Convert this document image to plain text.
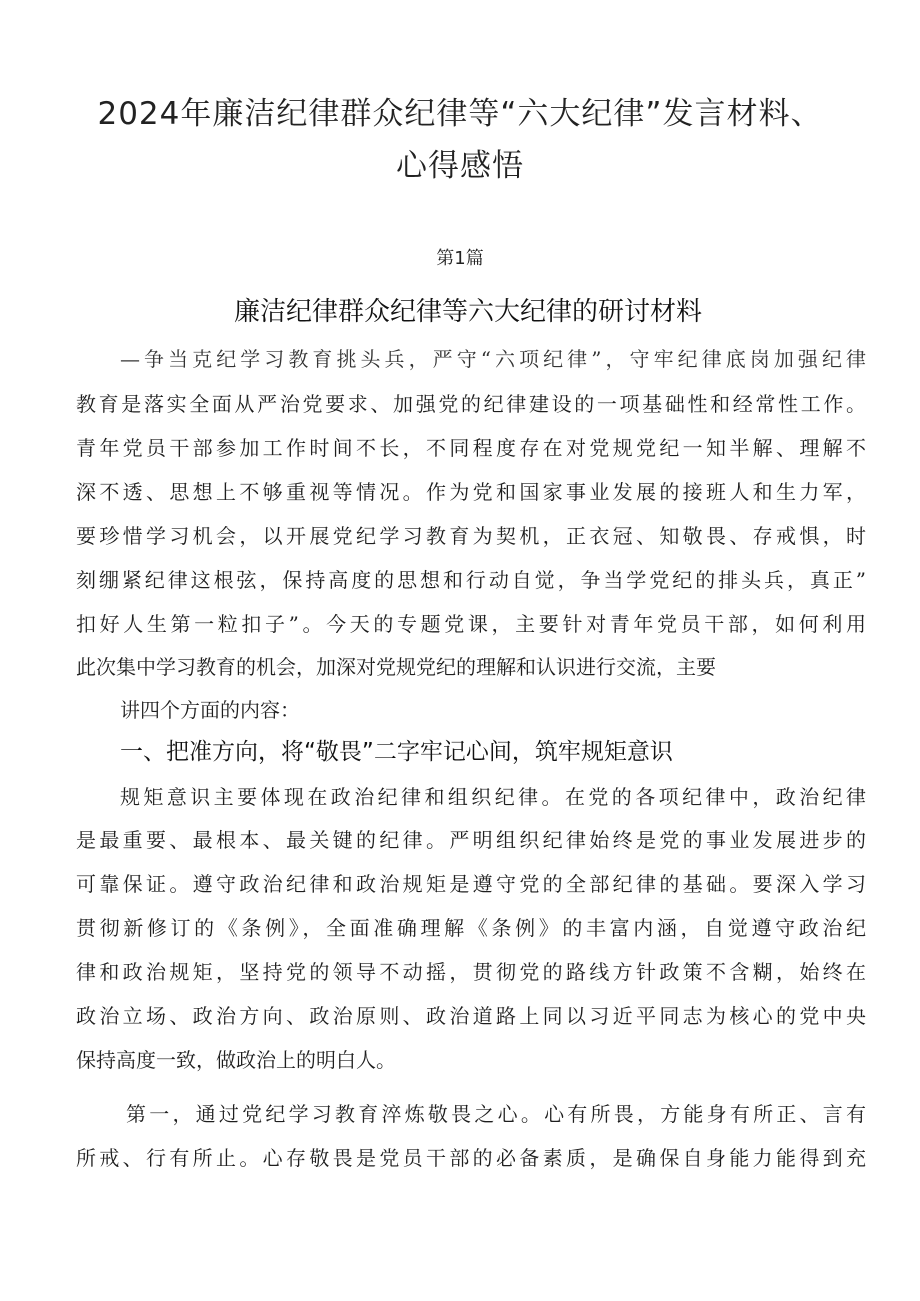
2024年廉洁纪律群众纪律等“六大纪律”发言材料、心得感悟
第1篇
廉洁纪律群众纪律等六大纪律的研讨材料
—争当克纪学习教育挑头兵，严守“六项纪律”，守牢纪律底岗加强纪律
教育是落实全面从严治党要求、加强党的纪律建设的一项基础性和经常性工作。
青年党员干部参加工作时间不长，不同程度存在对党规党纪一知半解、理解不
深不透、思想上不够重视等情况。作为党和国家事业发展的接班人和生力军，
要珍惜学习机会，以开展党纪学习教育为契机，正衣冠、知敬畏、存戒惧，时
刻绷紧纪律这根弦，保持高度的思想和行动自觉，争当学党纪的排头兵，真正”
扣好人生第一粒扣子”。今天的专题党课，主要针对青年党员干部，如何利用
此次集中学习教育的机会，加深对党规党纪的理解和认识进行交流，主要
讲四个方面的内容：
一、把准方向，将“敬畏”二字牢记心间，筑牢规矩意识
规矩意识主要体现在政治纪律和组织纪律。在党的各项纪律中，政治纪律
是最重要、最根本、最关键的纪律。严明组织纪律始终是党的事业发展进步的
可靠保证。遵守政治纪律和政治规矩是遵守党的全部纪律的基础。要深入学习
贯彻新修订的《条例》，全面准确理解《条例》的丰富内涵，自觉遵守政治纪
律和政治规矩，坚持党的领导不动摇，贯彻党的路线方针政策不含糊，始终在
政治立场、政治方向、政治原则、政治道路上同以习近平同志为核心的党中央
保持高度一致，做政治上的明白人。
第一，通过党纪学习教育淬炼敬畏之心。心有所畏，方能身有所正、言有
所戒、行有所止。心存敬畏是党员干部的必备素质，是确保自身能力能得到充
